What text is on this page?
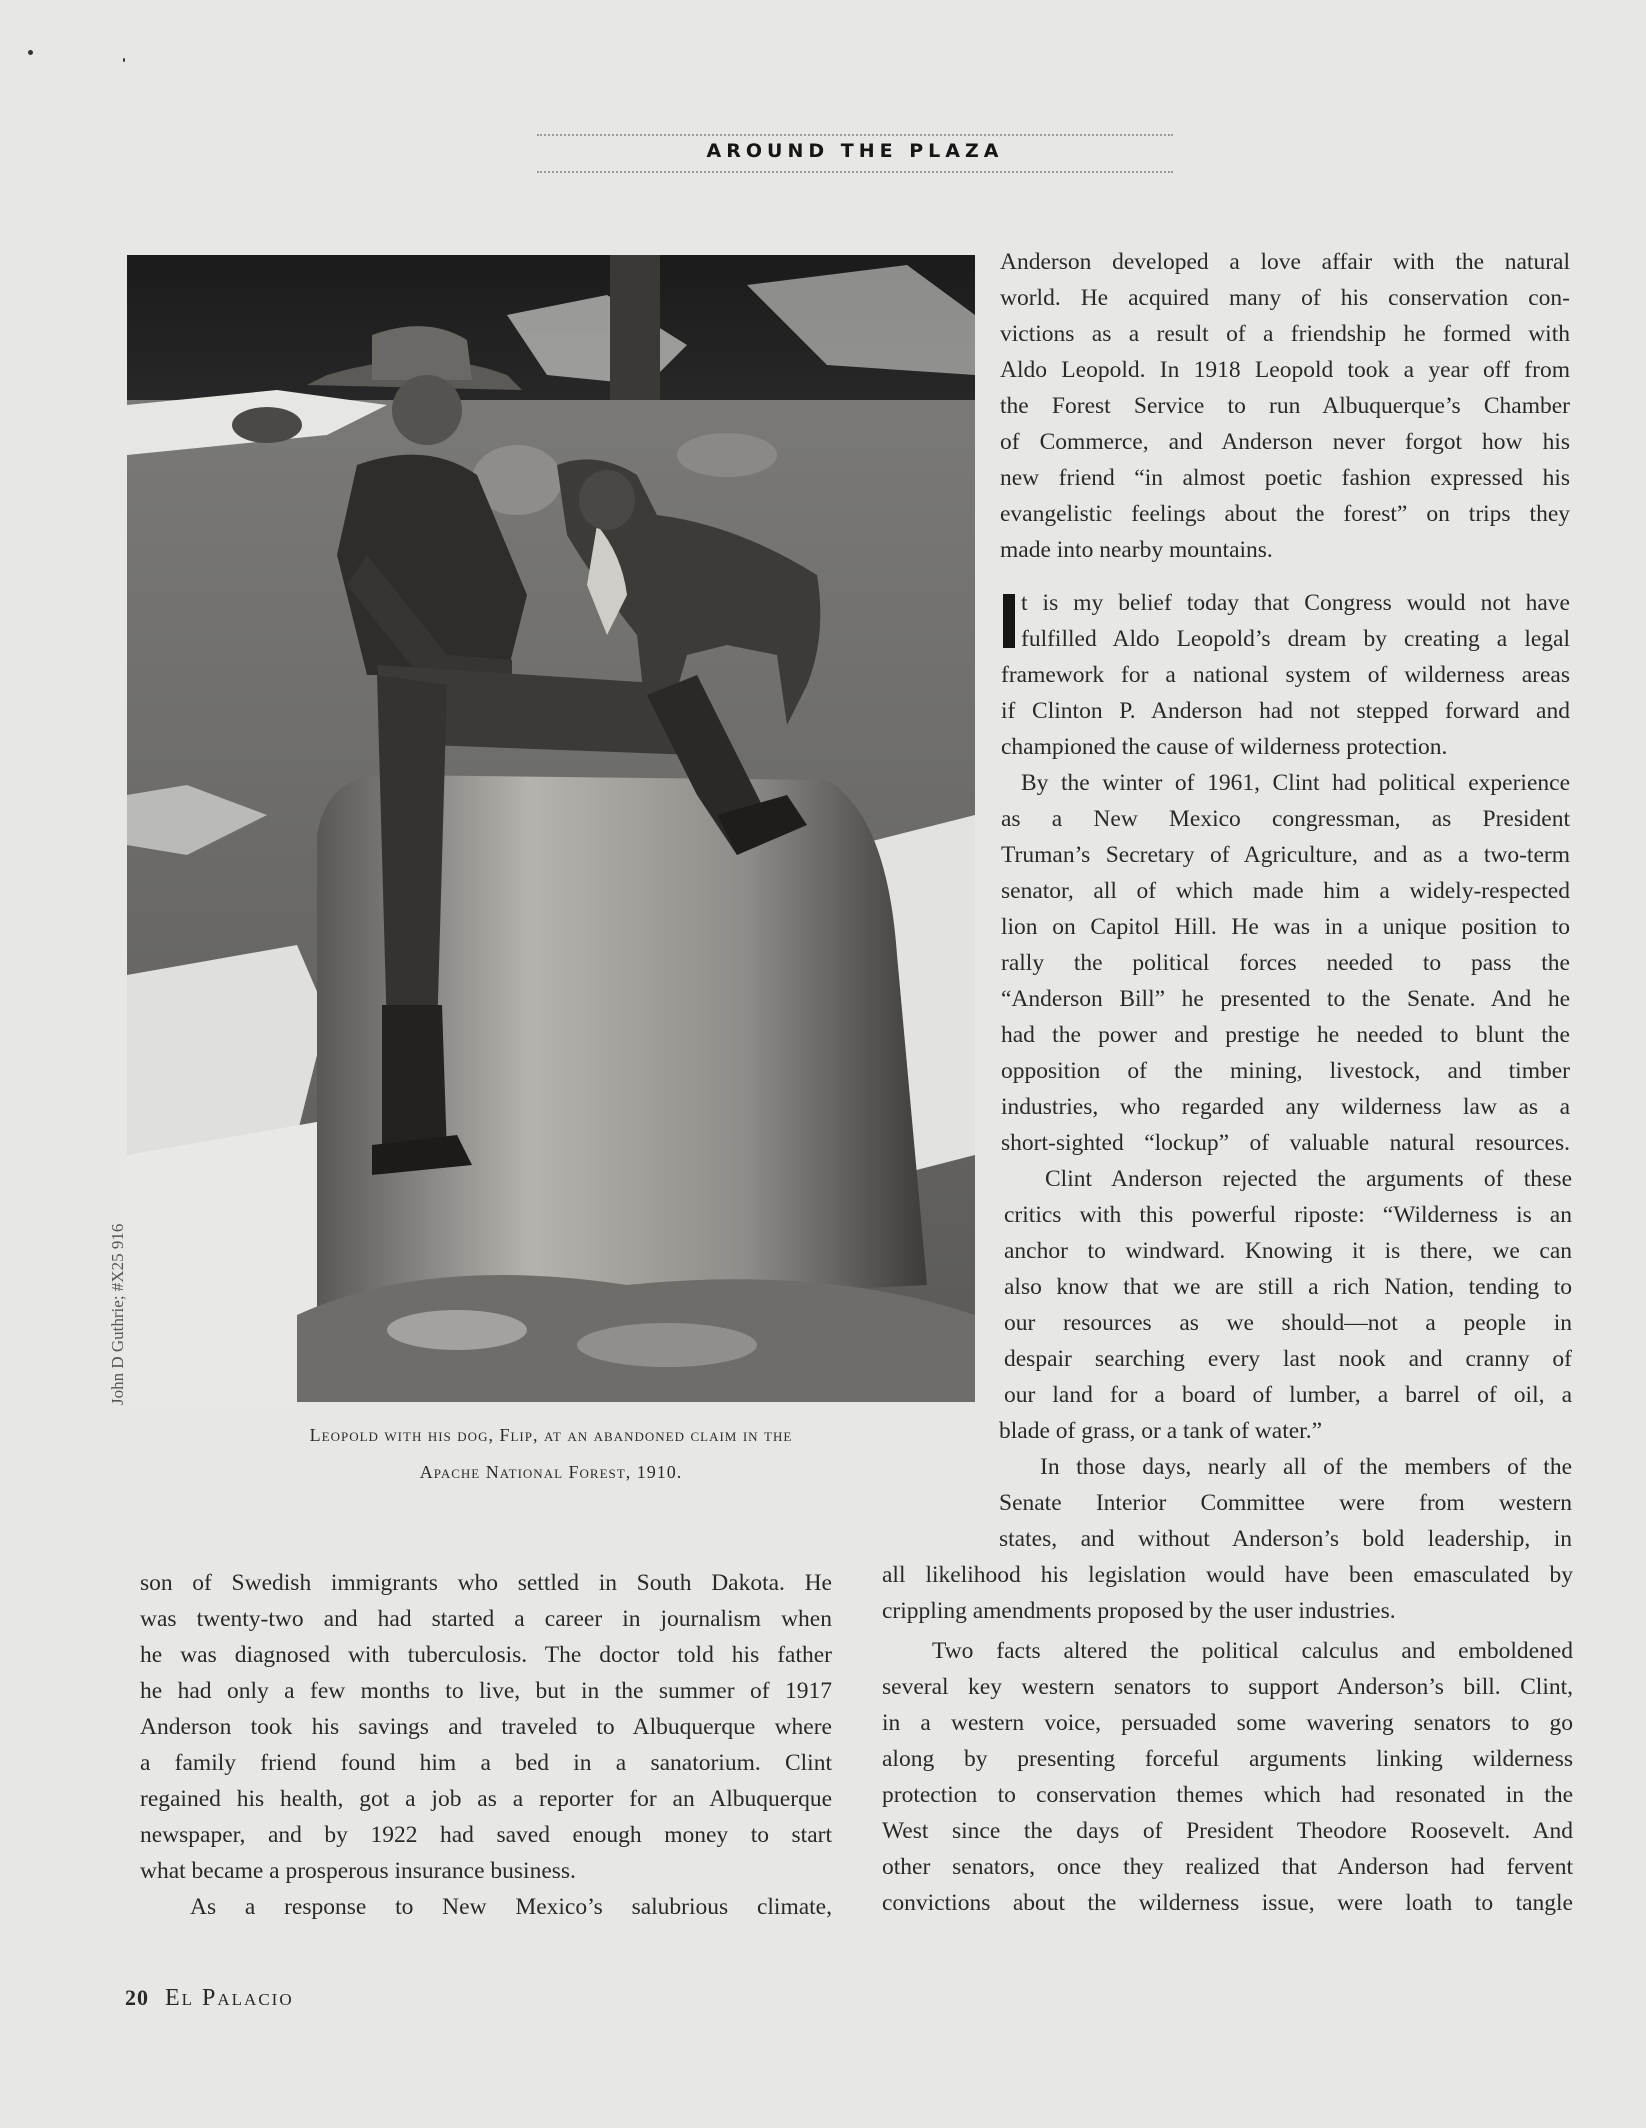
AROUND THE PLAZA
John D Guthrie; #X25 916
Leopold with his dog, Flip, at an abandoned claim in the
Apache National Forest, 1910.
son of Swedish immigrants who settled in South Dakota. He
was twenty-two and had started a career in journalism when
he was diagnosed with tuberculosis. The doctor told his father
he had only a few months to live, but in the summer of 1917
Anderson took his savings and traveled to Albuquerque where
a family friend found him a bed in a sanatorium. Clint
regained his health, got a job as a reporter for an Albuquerque
newspaper, and by 1922 had saved enough money to start
what became a prosperous insurance business.
As a response to New Mexico’s salubrious climate,
Anderson developed a love affair with the natural
world. He acquired many of his conservation con-
victions as a result of a friendship he formed with
Aldo Leopold. In 1918 Leopold took a year off from
the Forest Service to run Albuquerque’s Chamber
of Commerce, and Anderson never forgot how his
new friend “in almost poetic fashion expressed his
evangelistic feelings about the forest” on trips they
made into nearby mountains.
t is my belief today that Congress would not have
fulfilled Aldo Leopold’s dream by creating a legal
framework for a national system of wilderness areas
if Clinton P. Anderson had not stepped forward and
championed the cause of wilderness protection.
By the winter of 1961, Clint had political experience
as a New Mexico congressman, as President
Truman’s Secretary of Agriculture, and as a two-term
senator, all of which made him a widely-respected
lion on Capitol Hill. He was in a unique position to
rally the political forces needed to pass the
“Anderson Bill” he presented to the Senate. And he
had the power and prestige he needed to blunt the
opposition of the mining, livestock, and timber
industries, who regarded any wilderness law as a
short-sighted “lockup” of valuable natural resources.
Clint Anderson rejected the arguments of these
critics with this powerful riposte: “Wilderness is an
anchor to windward. Knowing it is there, we can
also know that we are still a rich Nation, tending to
our resources as we should—not a people in
despair searching every last nook and cranny of
our land for a board of lumber, a barrel of oil, a
blade of grass, or a tank of water.”
In those days, nearly all of the members of the
Senate Interior Committee were from western
states, and without Anderson’s bold leadership, in
all likelihood his legislation would have been emasculated by
crippling amendments proposed by the user industries.
Two facts altered the political calculus and emboldened
several key western senators to support Anderson’s bill. Clint,
in a western voice, persuaded some wavering senators to go
along by presenting forceful arguments linking wilderness
protection to conservation themes which had resonated in the
West since the days of President Theodore Roosevelt. And
other senators, once they realized that Anderson had fervent
convictions about the wilderness issue, were loath to tangle
20 El Palacio
